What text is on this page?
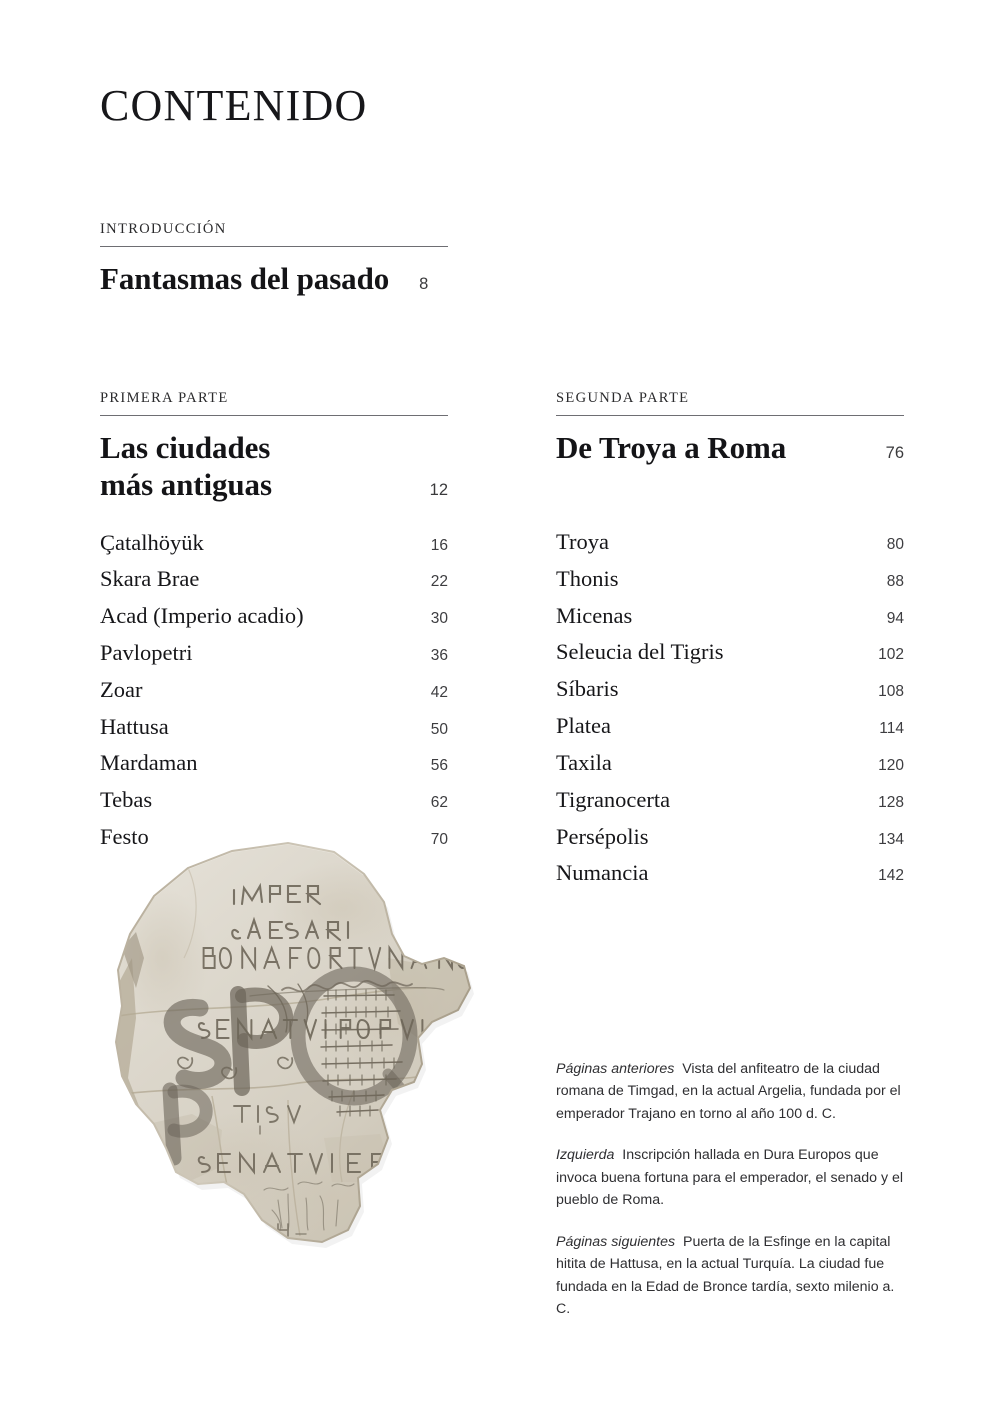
CONTENIDO
INTRODUCCIÓN
Fantasmas del pasado 8
PRIMERA PARTE
Las ciudades
más antiguas	12
Çatalhöyük	16
Skara Brae	22
Acad (Imperio acadio)	30
Pavlopetri	36
Zoar	42
Hattusa	50
Mardaman	56
Tebas	62
Festo	70
SEGUNDA PARTE
De Troya a Roma	76
Troya	80
Thonis	88
Micenas	94
Seleucia del Tigris	102
Síbaris	108
Platea	114
Taxila	120
Tigranocerta	128
Persépolis	134
Numancia	142
Páginas anteriores Vista del anfiteatro de la ciudad romana de Timgad, en la actual Argelia, fundada por el emperador Trajano en torno al año 100 d. C.
Izquierda Inscripción hallada en Dura Europos que invoca buena fortuna para el emperador, el senado y el pueblo de Roma.
Páginas siguientes Puerta de la Esfinge en la capital hitita de Hattusa, en la actual Turquía. La ciudad fue fundada en la Edad de Bronce tardía, sexto milenio a. C.
